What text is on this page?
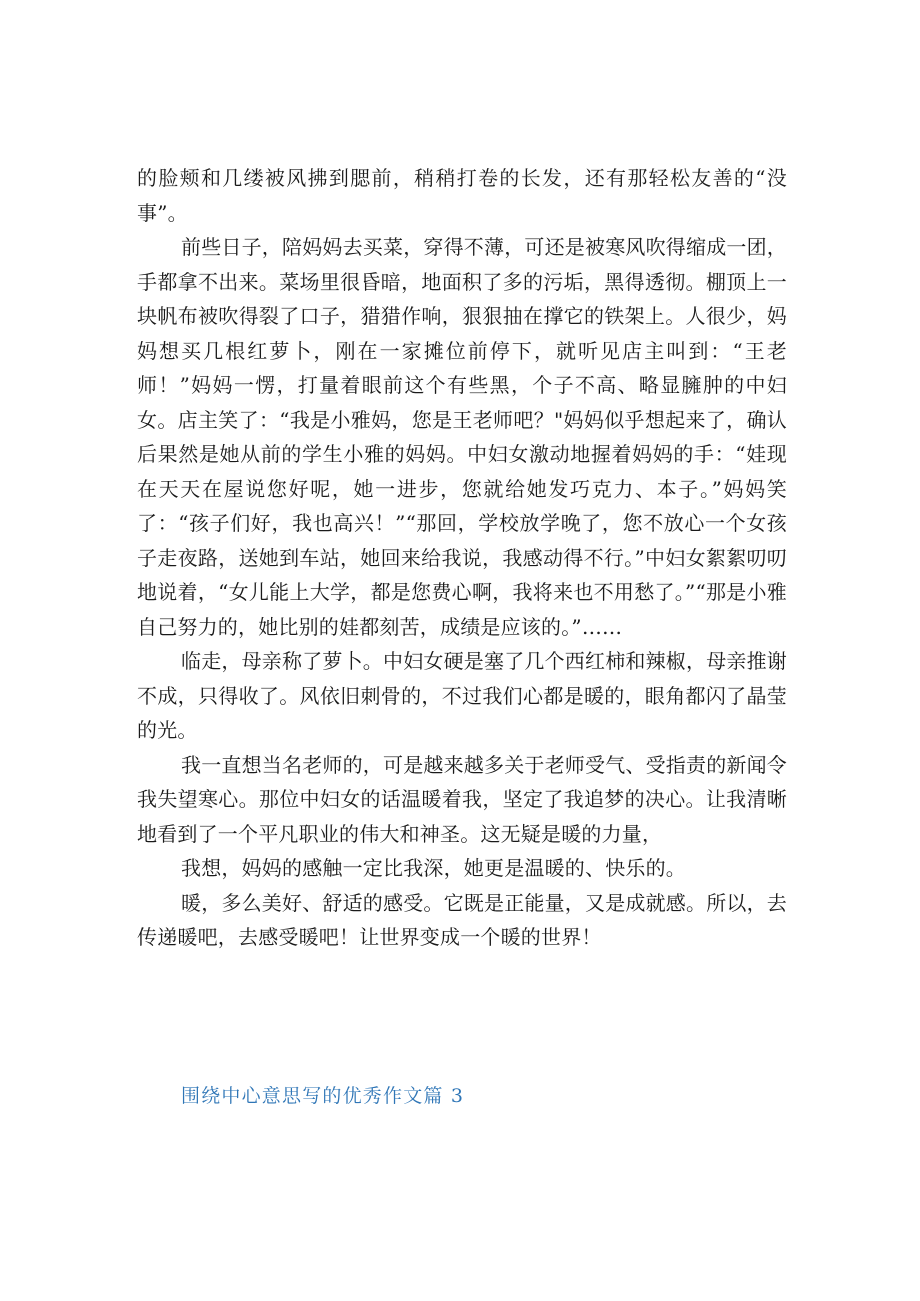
的脸颊和几缕被风拂到腮前，稍稍打卷的长发，还有那轻松友善的“没事”。

前些日子，陪妈妈去买菜，穿得不薄，可还是被寒风吹得缩成一团，手都拿不出来。菜场里很昏暗，地面积了多的污垢，黑得透彻。棚顶上一块帆布被吹得裂了口子，猎猎作响，狠狠抽在撑它的铁架上。人很少，妈妈想买几根红萝卜，刚在一家摊位前停下，就听见店主叫到：“王老师！”妈妈一愣，打量着眼前这个有些黑，个子不高、略显臃肿的中妇女。店主笑了：“我是小雅妈，您是王老师吧？"妈妈似乎想起来了，确认后果然是她从前的学生小雅的妈妈。中妇女激动地握着妈妈的手：“娃现在天天在屋说您好呢，她一进步，您就给她发巧克力、本子。”妈妈笑了：“孩子们好，我也高兴！”“那回，学校放学晚了，您不放心一个女孩子走夜路，送她到车站，她回来给我说，我感动得不行。”中妇女絮絮叨叨地说着，“女儿能上大学，都是您费心啊，我将来也不用愁了。”“那是小雅自己努力的，她比别的娃都刻苦，成绩是应该的。”……

临走，母亲称了萝卜。中妇女硬是塞了几个西红柿和辣椒，母亲推谢不成，只得收了。风依旧刺骨的，不过我们心都是暖的，眼角都闪了晶莹的光。

我一直想当名老师的，可是越来越多关于老师受气、受指责的新闻令我失望寒心。那位中妇女的话温暖着我，坚定了我追梦的决心。让我清晰地看到了一个平凡职业的伟大和神圣。这无疑是暖的力量，

我想，妈妈的感触一定比我深，她更是温暖的、快乐的。

暖，多么美好、舒适的感受。它既是正能量，又是成就感。所以，去传递暖吧，去感受暖吧！让世界变成一个暖的世界！

围绕中心意思写的优秀作文篇 3
